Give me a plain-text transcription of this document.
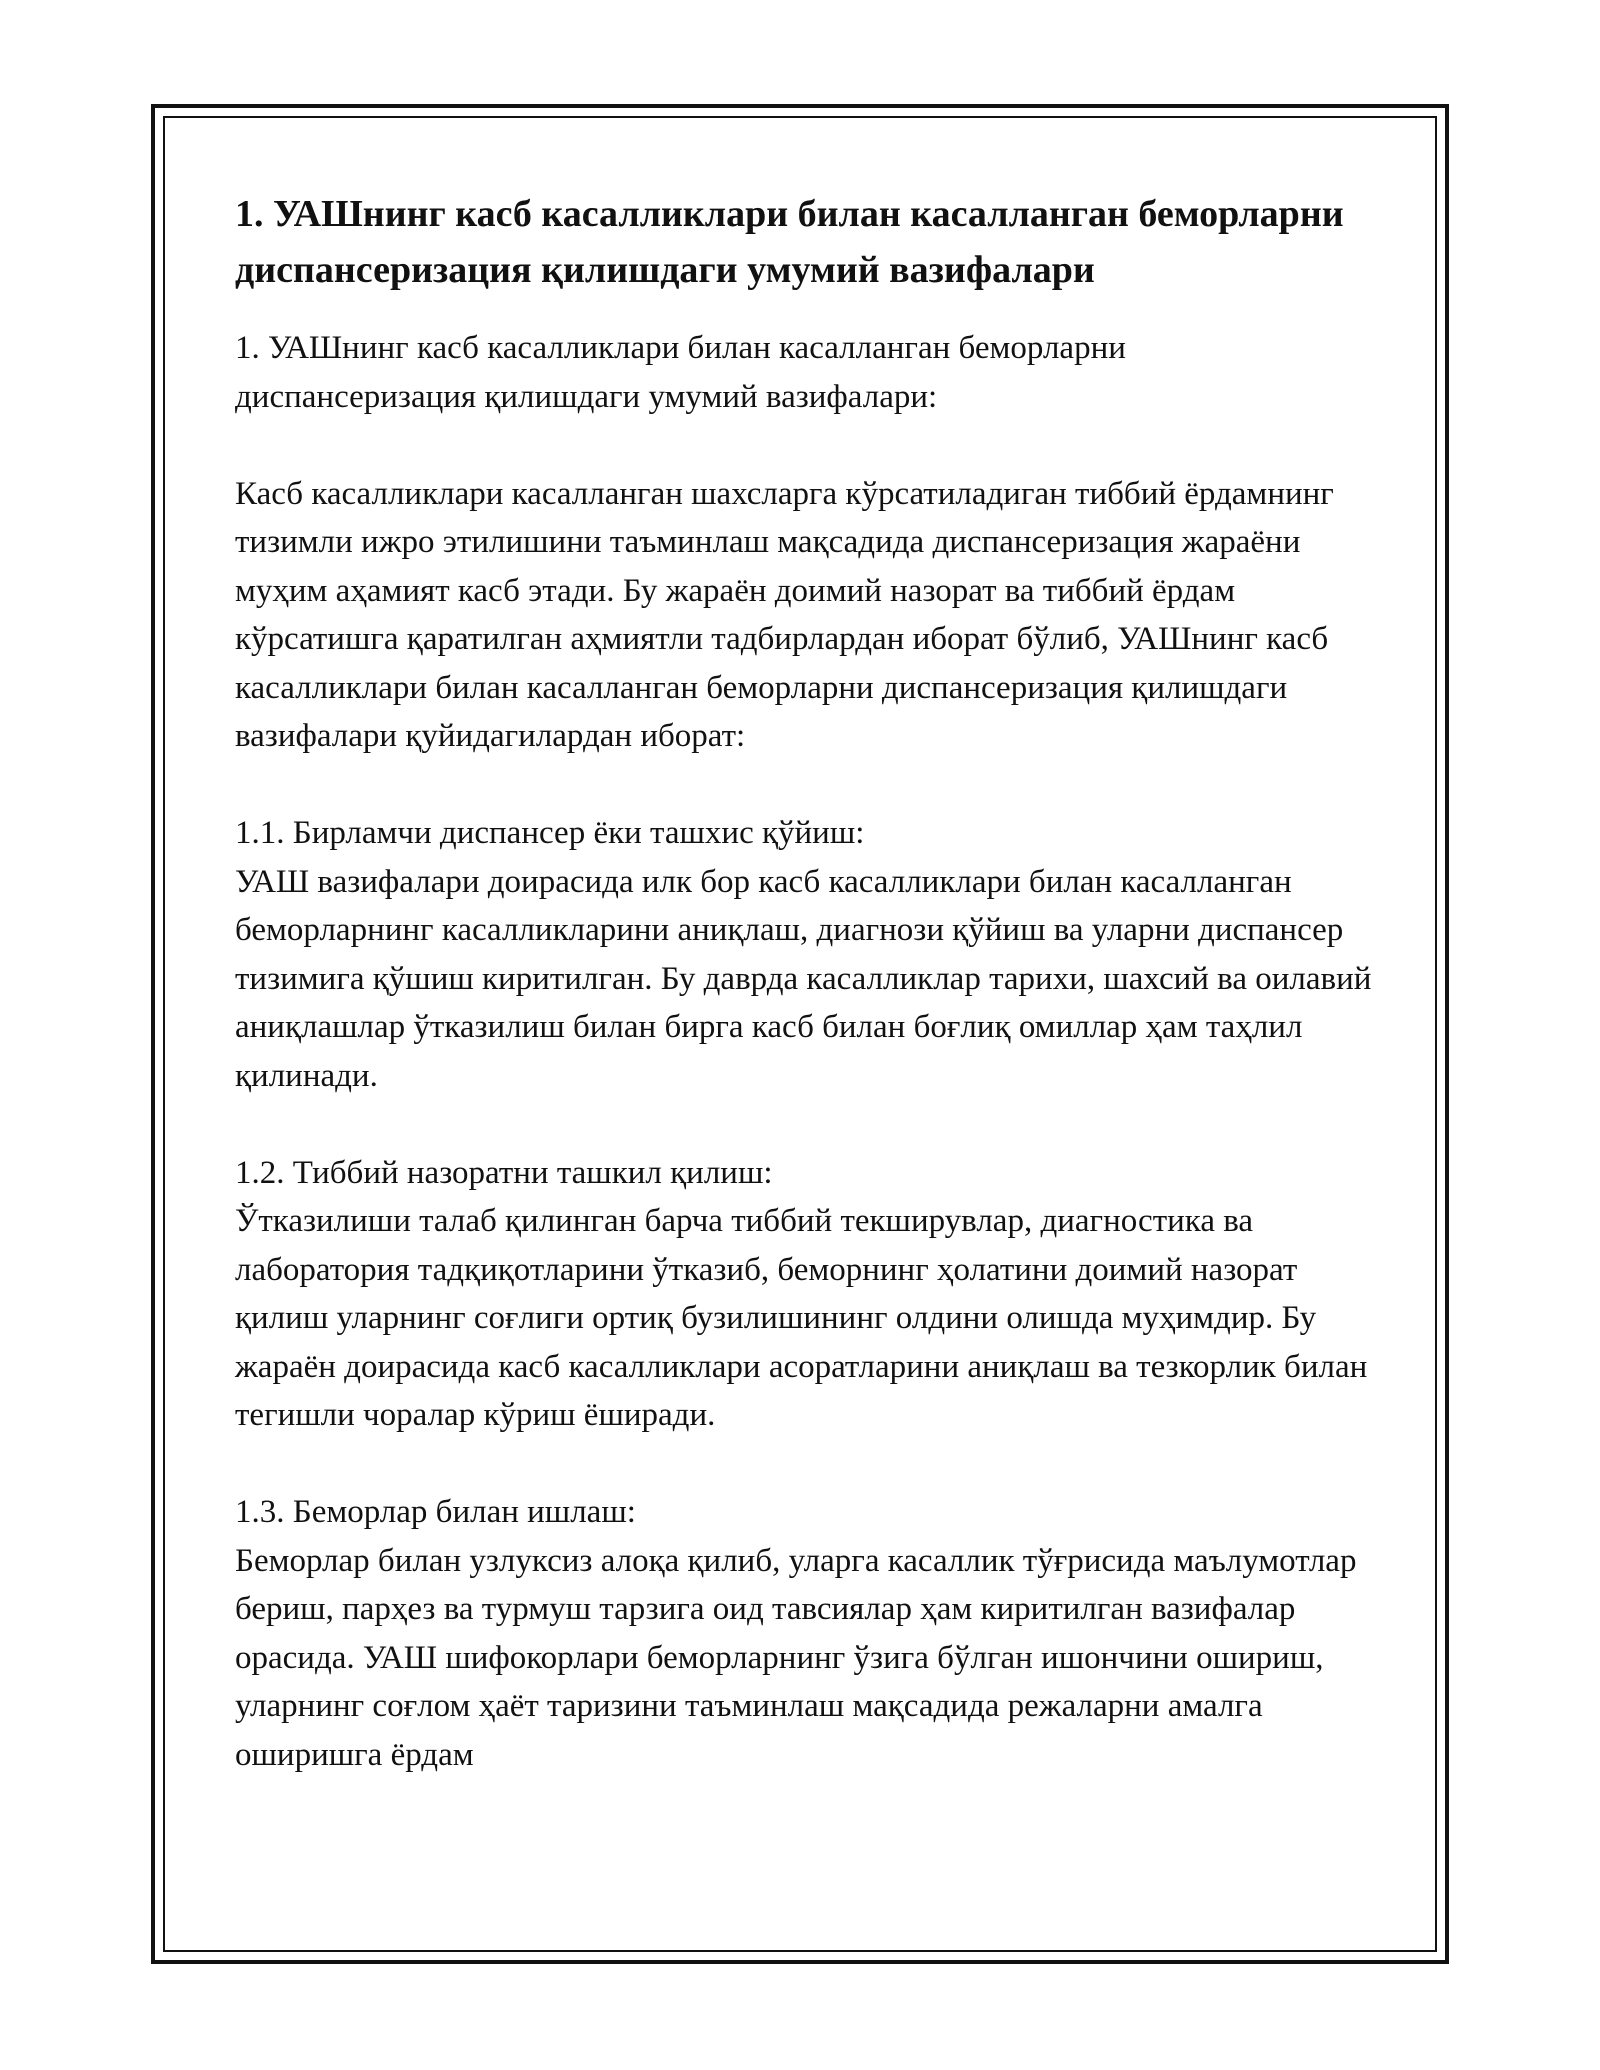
1. УАШнинг касб касалликлари билан касалланган беморларни диспансеризация қилишдаги умумий вазифалари

1. УАШнинг касб касалликлари билан касалланган беморларни диспансеризация қилишдаги умумий вазифалари:

Касб касалликлари касалланган шахсларга кўрсатиладиган тиббий ёрдамнинг тизимли ижро этилишини таъминлаш мақсадида диспансеризация жараёни муҳим аҳамият касб этади. Бу жараён доимий назорат ва тиббий ёрдам кўрсатишга қаратилган аҳмиятли тадбирлардан иборат бўлиб, УАШнинг касб касалликлари билан касалланган беморларни диспансеризация қилишдаги вазифалари қуйидагилардан иборат:

1.1. Бирламчи диспансер ёки ташхис қўйиш:

УАШ вазифалари доирасида илк бор касб касалликлари билан касалланган беморларнинг касалликларини аниқлаш, диагнози қўйиш ва уларни диспансер тизимига қўшиш киритилган. Бу даврда касалликлар тарихи, шахсий ва оилавий аниқлашлар ўтказилиш билан бирга касб билан боғлиқ омиллар ҳам таҳлил қилинади.

1.2. Тиббий назоратни ташкил қилиш:

Ўтказилиши талаб қилинган барча тиббий текширувлар, диагностика ва лаборатория тадқиқотларини ўтказиб, беморнинг ҳолатини доимий назорат қилиш уларнинг соғлиги ортиқ бузилишининг олдини олишда муҳимдир. Бу жараён доирасида касб касалликлари асоратларини аниқлаш ва тезкорлик билан тегишли чоралар кўриш ёширади.

1.3. Беморлар билан ишлаш:

Беморлар билан узлуксиз алоқа қилиб, уларга касаллик тўғрисида маълумотлар бериш, парҳез ва турмуш тарзига оид тавсиялар ҳам киритилган вазифалар орасида. УАШ шифокорлари беморларнинг ўзига бўлган ишончини ошириш, уларнинг соғлом ҳаёт таризини таъминлаш мақсадида режаларни амалга оширишга ёрдам
